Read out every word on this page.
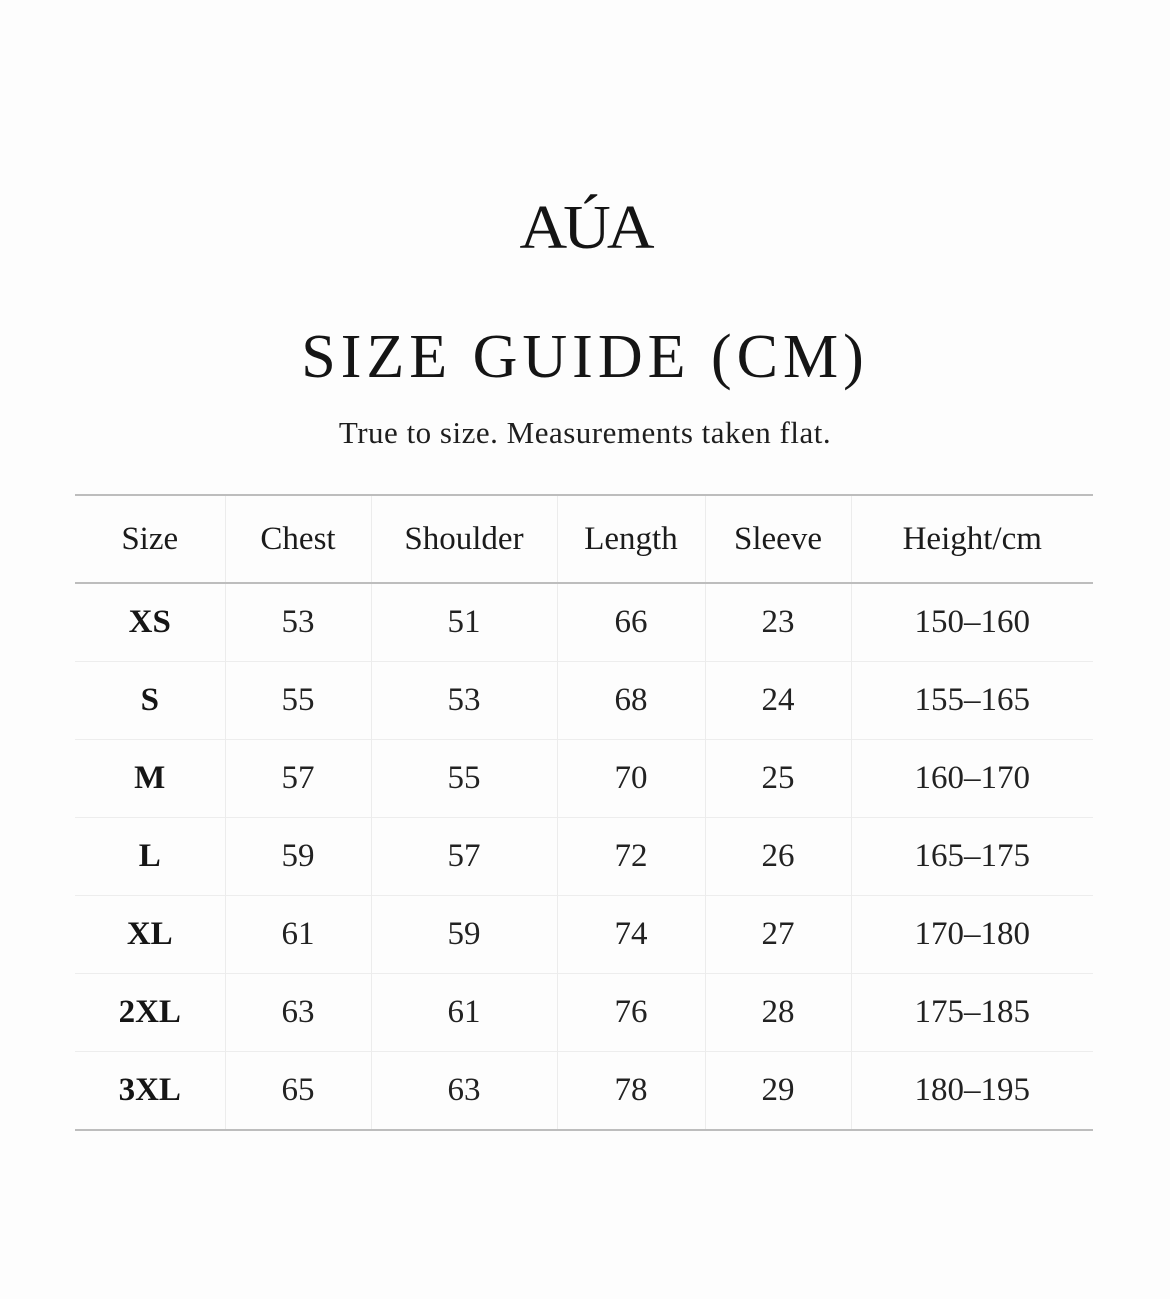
AÚA
SIZE GUIDE (CM)
True to size. Measurements taken flat.
Size	Chest	Shoulder	Length	Sleeve	Height/cm
XS	53	51	66	23	150–160
S	55	53	68	24	155–165
M	57	55	70	25	160–170
L	59	57	72	26	165–175
XL	61	59	74	27	170–180
2XL	63	61	76	28	175–185
3XL	65	63	78	29	180–195
